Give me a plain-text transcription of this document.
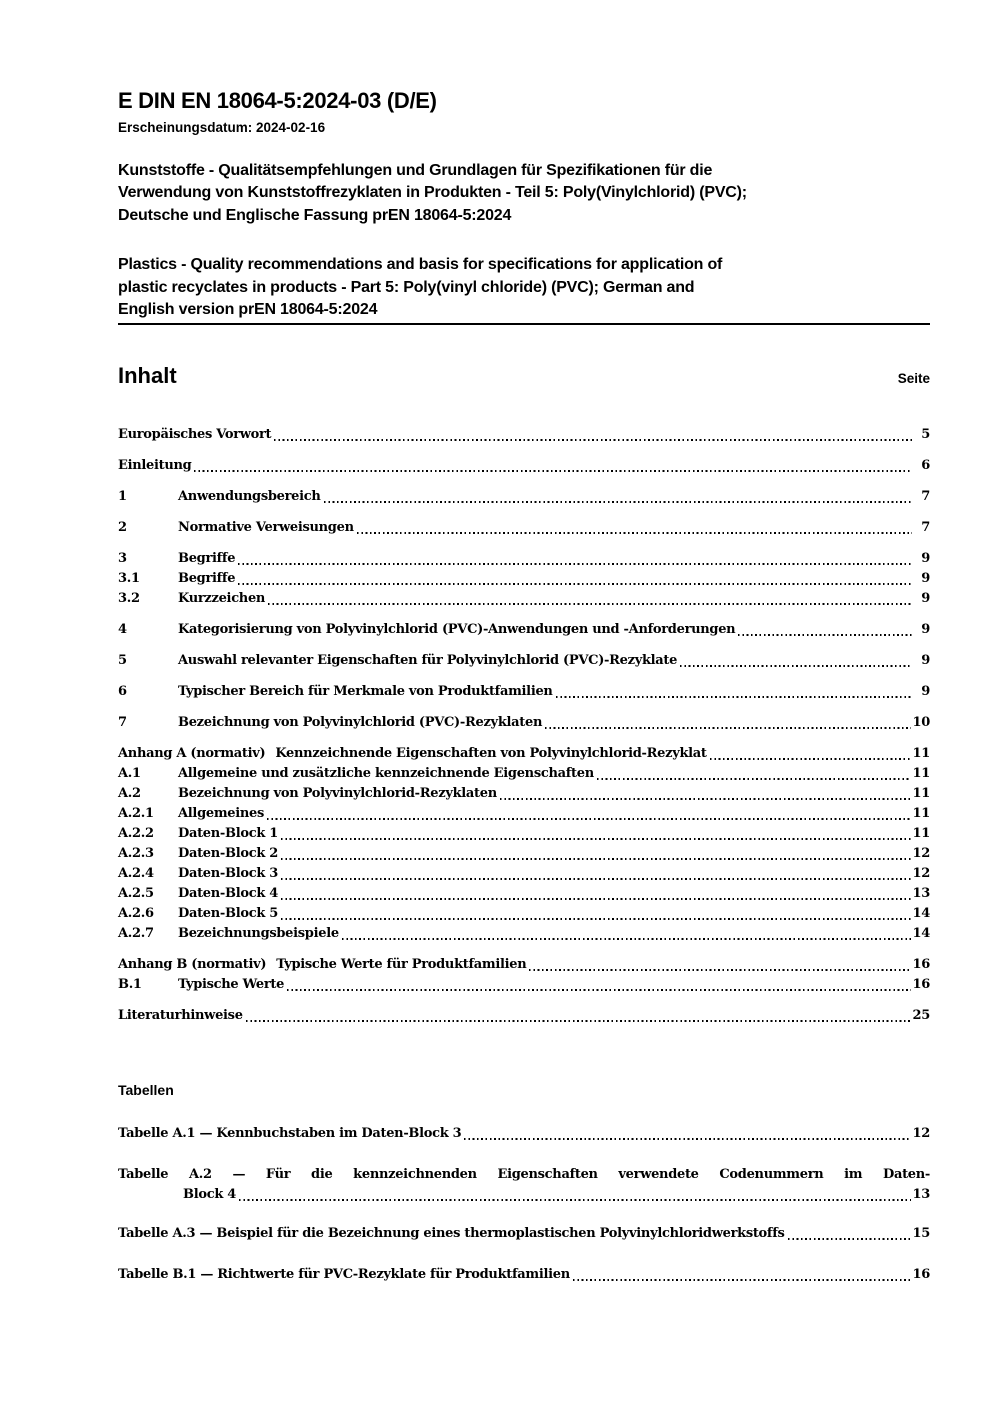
E DIN EN 18064-5:2024-03 (D/E)
Erscheinungsdatum: 2024-02-16
Kunststoffe - Qualitätsempfehlungen und Grundlagen für Spezifikationen für die
Verwendung von Kunststoffrezyklaten in Produkten - Teil 5: Poly(Vinylchlorid) (PVC);
Deutsche und Englische Fassung prEN 18064-5:2024
Plastics - Quality recommendations and basis for specifications for application of
plastic recyclates in products - Part 5: Poly(vinyl chloride) (PVC); German and
English version prEN 18064-5:2024
Inhalt	Seite
Europäisches Vorwort	5
Einleitung	6
1	Anwendungsbereich	7
2	Normative Verweisungen	7
3	Begriffe	9
3.1	Begriffe	9
3.2	Kurzzeichen	9
4	Kategorisierung von Polyvinylchlorid (PVC)-Anwendungen und -Anforderungen	9
5	Auswahl relevanter Eigenschaften für Polyvinylchlorid (PVC)-Rezyklate	9
6	Typischer Bereich für Merkmale von Produktfamilien	9
7	Bezeichnung von Polyvinylchlorid (PVC)-Rezyklaten	10
Anhang A (normativ) Kennzeichnende Eigenschaften von Polyvinylchlorid-Rezyklat	11
A.1	Allgemeine und zusätzliche kennzeichnende Eigenschaften	11
A.2	Bezeichnung von Polyvinylchlorid-Rezyklaten	11
A.2.1	Allgemeines	11
A.2.2	Daten-Block 1	11
A.2.3	Daten-Block 2	12
A.2.4	Daten-Block 3	12
A.2.5	Daten-Block 4	13
A.2.6	Daten-Block 5	14
A.2.7	Bezeichnungsbeispiele	14
Anhang B (normativ) Typische Werte für Produktfamilien	16
B.1	Typische Werte	16
Literaturhinweise	25
Tabellen
Tabelle A.1 — Kennbuchstaben im Daten-Block 3	12
Tabelle A.2 — Für die kennzeichnenden Eigenschaften verwendete Codenummern im Daten-
Block 4	13
Tabelle A.3 — Beispiel für die Bezeichnung eines thermoplastischen Polyvinylchloridwerkstoffs	15
Tabelle B.1 — Richtwerte für PVC-Rezyklate für Produktfamilien	16
